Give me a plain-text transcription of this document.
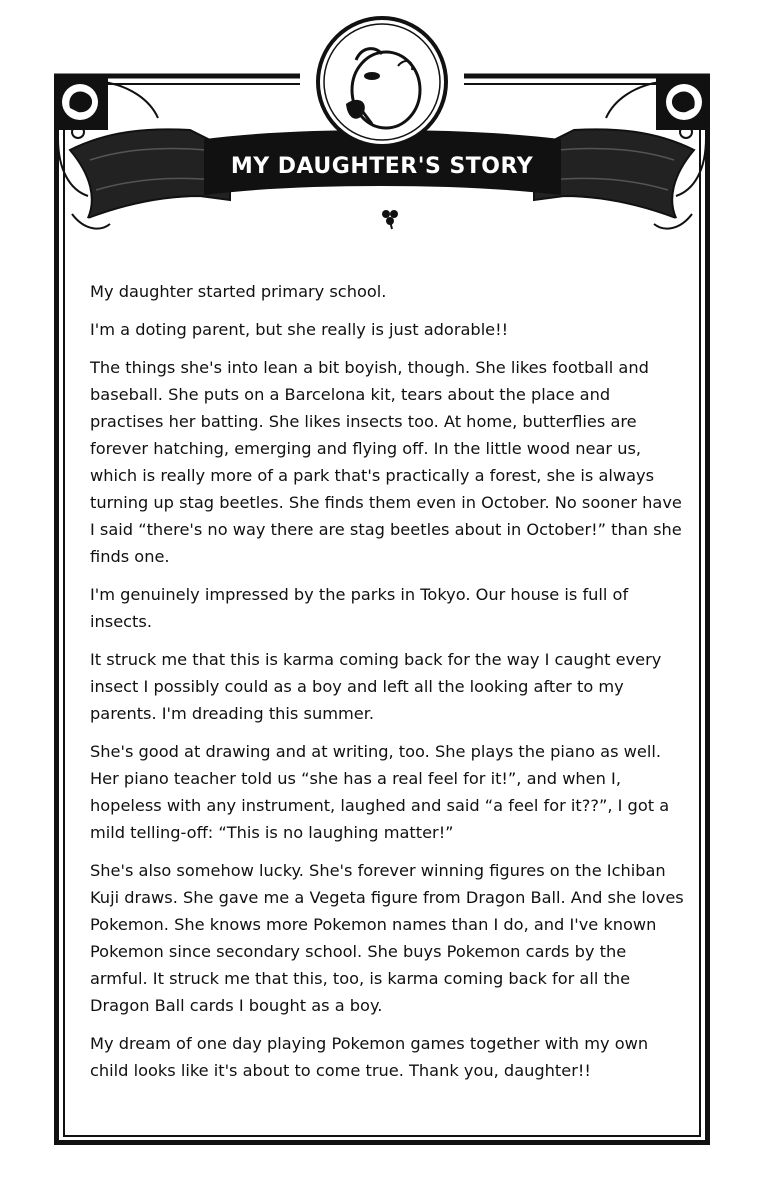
MY DAUGHTER'S STORY

My daughter started primary school.

I'm a doting parent, but she really is just adorable!!

The things she's into lean a bit boyish, though. She likes football and baseball. She puts on a Barcelona kit, tears about the place and practises her batting. She likes insects too. At home, butterflies are forever hatching, emerging and flying off. In the little wood near us, which is really more of a park that's practically a forest, she is always turning up stag beetles. She finds them even in October. No sooner have I said “there's no way there are stag beetles about in October!” than she finds one.

I'm genuinely impressed by the parks in Tokyo. Our house is full of insects.

It struck me that this is karma coming back for the way I caught every insect I possibly could as a boy and left all the looking after to my parents. I'm dreading this summer.

She's good at drawing and at writing, too. She plays the piano as well. Her piano teacher told us “she has a real feel for it!”, and when I, hopeless with any instrument, laughed and said “a feel for it??”, I got a mild telling-off: “This is no laughing matter!”

She's also somehow lucky. She's forever winning figures on the Ichiban Kuji draws. She gave me a Vegeta figure from Dragon Ball. And she loves Pokemon. She knows more Pokemon names than I do, and I've known Pokemon since secondary school. She buys Pokemon cards by the armful. It struck me that this, too, is karma coming back for all the Dragon Ball cards I bought as a boy.

My dream of one day playing Pokemon games together with my own child looks like it's about to come true. Thank you, daughter!!
